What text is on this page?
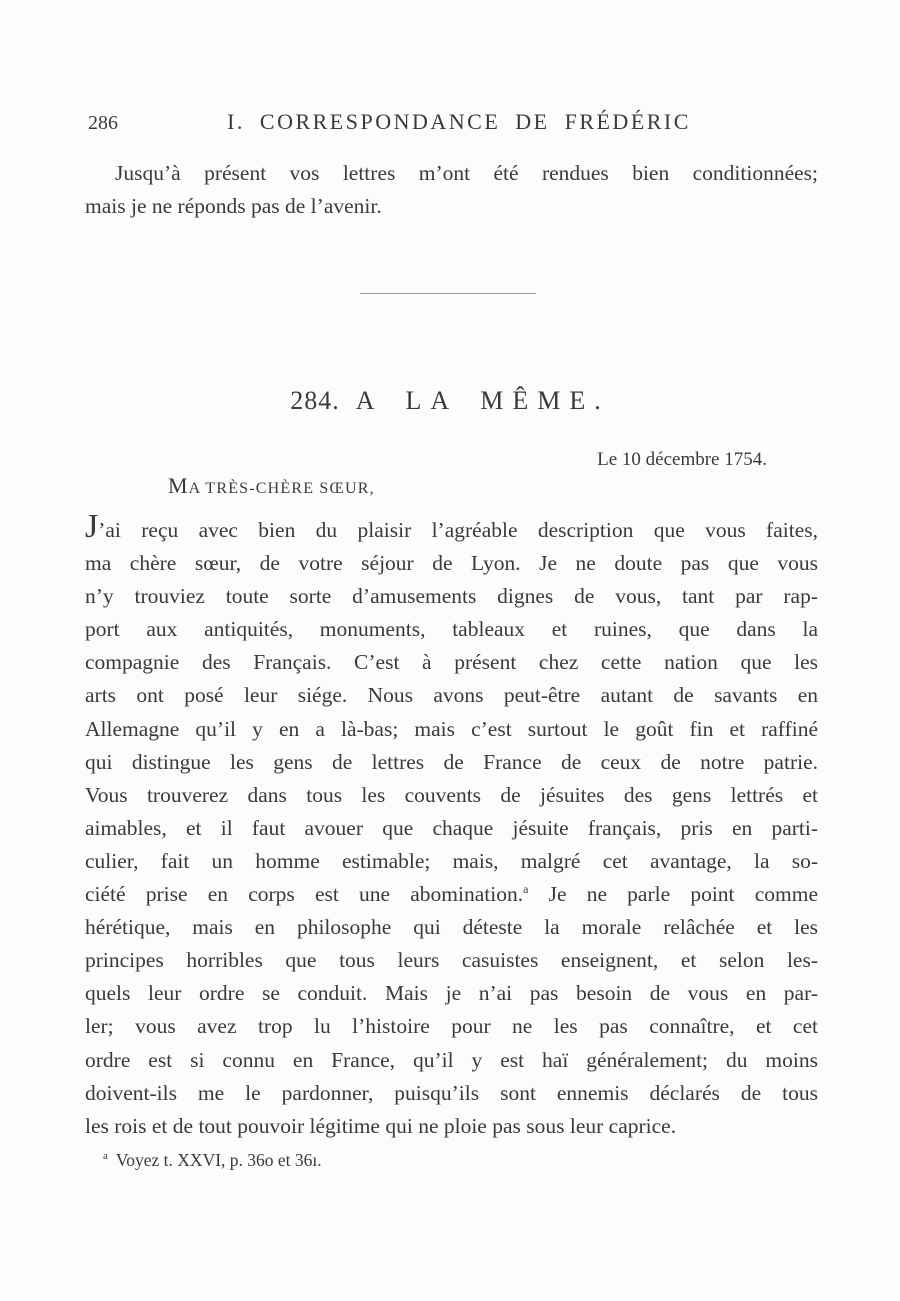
286	I. CORRESPONDANCE DE FRÉDÉRIC
Jusqu’à présent vos lettres m’ont été rendues bien conditionnées;
mais je ne réponds pas de l’avenir.
284. A LA MÊME.
Le 10 décembre 1754.
MA TRÈS-CHÈRE SŒUR,
J’ai reçu avec bien du plaisir l’agréable description que vous faites,
ma chère sœur, de votre séjour de Lyon. Je ne doute pas que vous
n’y trouviez toute sorte d’amusements dignes de vous, tant par rap-
port aux antiquités, monuments, tableaux et ruines, que dans la
compagnie des Français. C’est à présent chez cette nation que les
arts ont posé leur siége. Nous avons peut-être autant de savants en
Allemagne qu’il y en a là-bas; mais c’est surtout le goût fin et raffiné
qui distingue les gens de lettres de France de ceux de notre patrie.
Vous trouverez dans tous les couvents de jésuites des gens lettrés et
aimables, et il faut avouer que chaque jésuite français, pris en parti-
culier, fait un homme estimable; mais, malgré cet avantage, la so-
ciété prise en corps est une abomination.$^a$ Je ne parle point comme
hérétique, mais en philosophe qui déteste la morale relâchée et les
principes horribles que tous leurs casuistes enseignent, et selon les-
quels leur ordre se conduit. Mais je n’ai pas besoin de vous en par-
ler; vous avez trop lu l’histoire pour ne les pas connaître, et cet
ordre est si connu en France, qu’il y est haï généralement; du moins
doivent-ils me le pardonner, puisqu’ils sont ennemis déclarés de tous
les rois et de tout pouvoir légitime qui ne ploie pas sous leur caprice.
$^a$ Voyez t. XXVI, p. 36o et 36ı.
